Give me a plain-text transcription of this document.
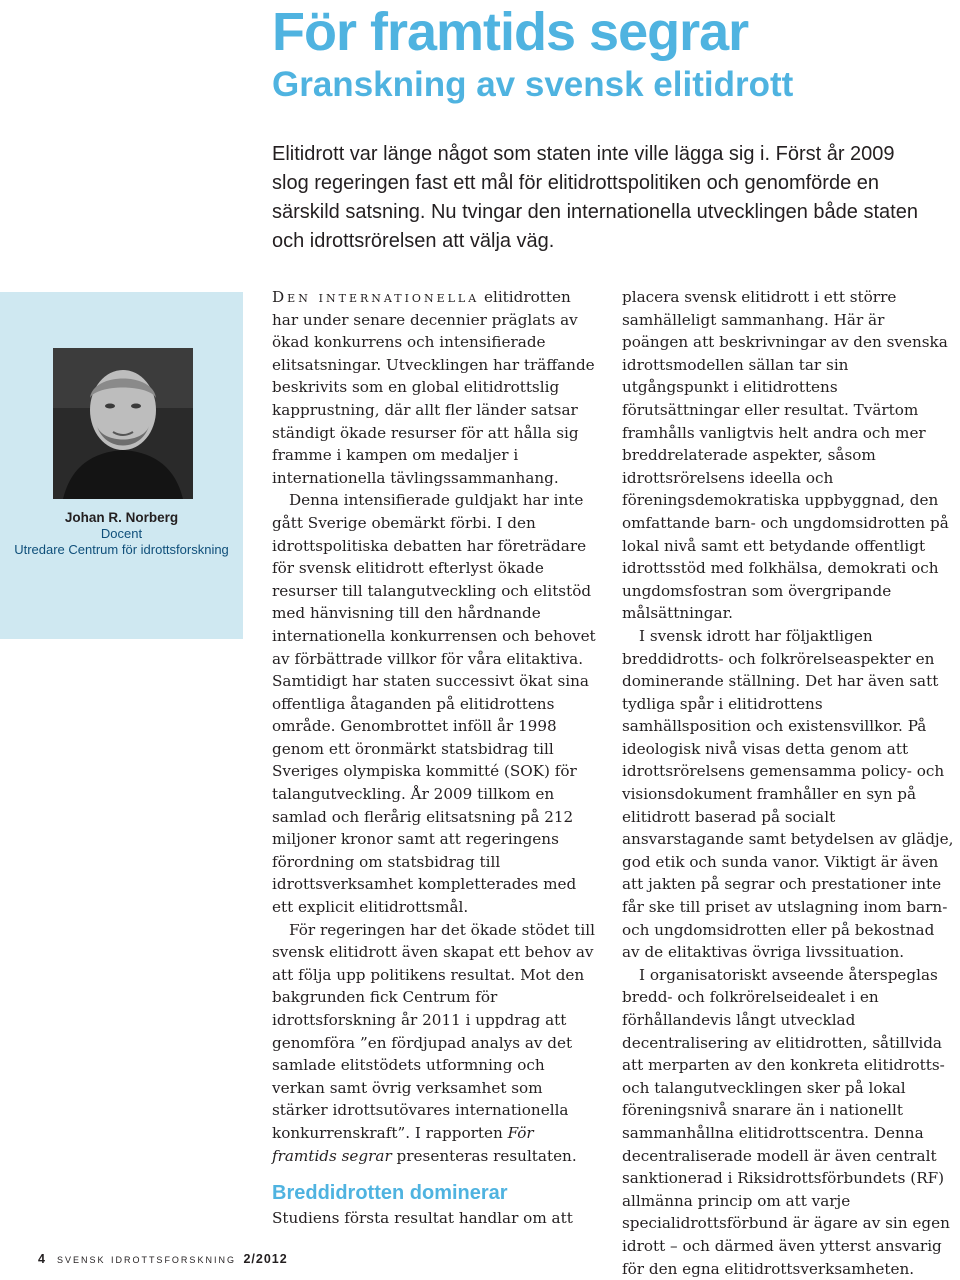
För framtids segrar
Granskning av svensk elitidrott

Elitidrott var länge något som staten inte ville lägga sig i. Först år 2009 slog regeringen fast ett mål för elitidrottspolitiken och genomförde en särskild satsning. Nu tvingar den internationella utvecklingen både staten och idrottsrörelsen att välja väg.

Johan R. Norberg
Docent
Utredare Centrum för idrottsforskning

Den internationella elitidrotten har under senare decennier präglats av ökad konkurrens och intensifierade elitsatsningar. Utvecklingen har träffande beskrivits som en global elitidrottslig kapprustning, där allt fler länder satsar ständigt ökade resurser för att hålla sig framme i kampen om medaljer i internationella tävlingssammanhang.

Denna intensifierade guldjakt har inte gått Sverige obemärkt förbi. I den idrottspolitiska debatten har företrädare för svensk elitidrott efterlyst ökade resurser till talangutveckling och elitstöd med hänvisning till den hårdnande internationella konkurrensen och behovet av förbättrade villkor för våra elitaktiva. Samtidigt har staten successivt ökat sina offentliga åtaganden på elitidrottens område. Genombrottet inföll år 1998 genom ett öronmärkt statsbidrag till Sveriges olympiska kommitté (SOK) för talangutveckling. År 2009 tillkom en samlad och flerårig elitsatsning på 212 miljoner kronor samt att regeringens förordning om statsbidrag till idrottsverksamhet kompletterades med ett explicit elitidrottsmål.

För regeringen har det ökade stödet till svensk elitidrott även skapat ett behov av att följa upp politikens resultat. Mot den bakgrunden fick Centrum för idrottsforskning år 2011 i uppdrag att genomföra ”en fördjupad analys av det samlade elitstödets utformning och verkan samt övrig verksamhet som stärker idrottsutövares internationella konkurrenskraft”. I rapporten För framtids segrar presenteras resultaten.

Breddidrotten dominerar

Studiens första resultat handlar om att

placera svensk elitidrott i ett större samhälleligt sammanhang. Här är poängen att beskrivningar av den svenska idrottsmodellen sällan tar sin utgångspunkt i elitidrottens förutsättningar eller resultat. Tvärtom framhålls vanligtvis helt andra och mer breddrelaterade aspekter, såsom idrottsrörelsens ideella och föreningsdemokratiska uppbyggnad, den omfattande barn- och ungdomsidrotten på lokal nivå samt ett betydande offentligt idrottsstöd med folkhälsa, demokrati och ungdomsfostran som övergripande målsättningar.

I svensk idrott har följaktligen breddidrotts- och folkrörelseaspekter en dominerande ställning. Det har även satt tydliga spår i elitidrottens samhällsposition och existensvillkor. På ideologisk nivå visas detta genom att idrottsrörelsens gemensamma policy- och visionsdokument framhåller en syn på elitidrott baserad på socialt ansvarstagande samt betydelsen av glädje, god etik och sunda vanor. Viktigt är även att jakten på segrar och prestationer inte får ske till priset av utslagning inom barn- och ungdomsidrotten eller på bekostnad av de elitaktivas övriga livssituation.

I organisatoriskt avseende återspeglas bredd- och folkrörelseidealet i en förhållandevis långt utvecklad decentralisering av elitidrotten, såtillvida att merparten av den konkreta elitidrotts- och talangutvecklingen sker på lokal föreningsnivå snarare än i nationellt sammanhållna elitidrottscentra. Denna decentraliserade modell är även centralt sanktionerad i Riksidrottsförbundets (RF) allmänna princip om att varje specialidrottsförbund är ägare av sin egen idrott – och därmed även ytterst ansvarig för den egna elitidrottsverksamheten.

4 svensk idrottsforskning 2/2012
